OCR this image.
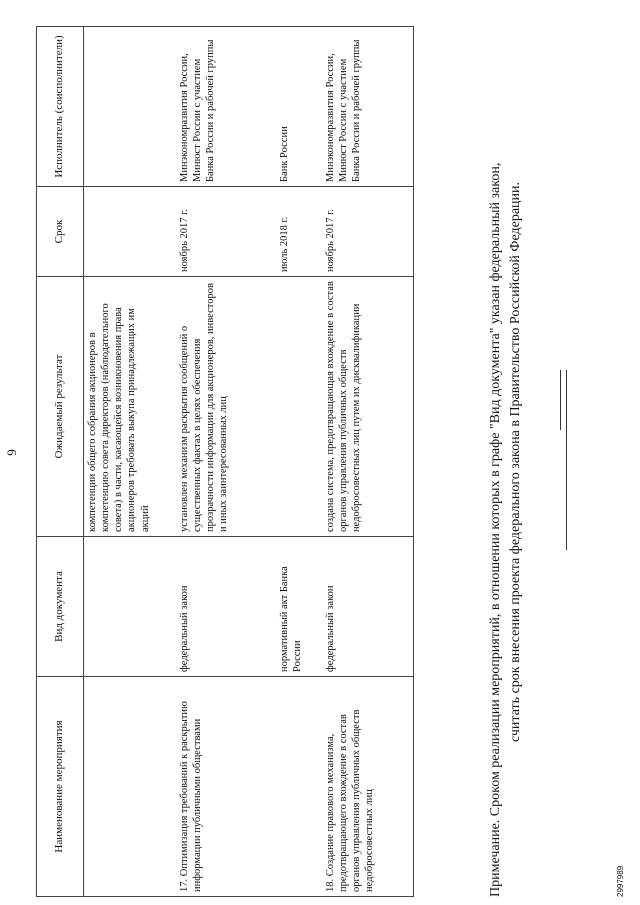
9
Наименование мероприятия	Вид документа	Ожидаемый результат	Срок	Исполнитель (соисполнители)
		компетенции общего собрания акционеров в компетенцию совета директоров (наблюдательного совета) в части, касающейся возникновения права акционеров требовать выкупа принадлежащих им акций		
17. Оптимизация требований к раскрытию информации публичными обществами	федеральный закон	установлен механизм раскрытия сообщений о существенных фактах в целях обеспечения прозрачности информации для акционеров, инвесторов и иных заинтересованных лиц	ноябрь 2017 г.	Минэкономразвития России, Минюст России с участием Банка России и рабочей группы
	нормативный акт Банка России		июль 2018 г.	Банк России
18. Создание правового механизма, предотвращающего вхождение в состав органов управления публичных обществ недобросовестных лиц	федеральный закон	создана система, предотвращающая вхождение в состав органов управления публичных обществ недобросовестных лиц путем их дисквалификации	ноябрь 2017 г.	Минэкономразвития России, Минюст России с участием Банка России и рабочей группы
Примечание. Сроком реализации мероприятий, в отношении которых в графе "Вид документа" указан федеральный закон, считать срок внесения проекта федерального закона в Правительство Российской Федерации.
2997989
